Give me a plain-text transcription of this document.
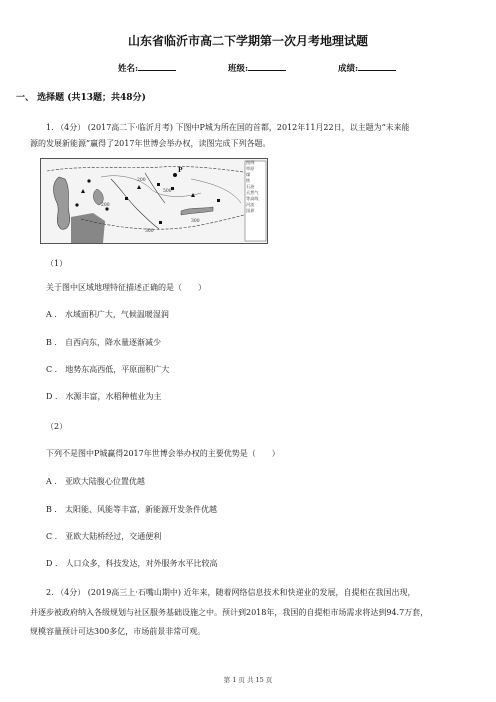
山东省临沂市高二下学期第一次月考地理试题
姓名:	班级:	成绩:
一、 选择题 (共13题；共48分)
1. （4分） (2017高二下·临沂月考) 下图中P城为所在国的首都，2012年11月22日，以主题为“未来能
源的发展新能源”赢得了2017年世博会举办权，读图完成下列各题。
P
200
500
200
300
300
图例
草原
煤
铁
石油
天然气
等高线
河流
国界
（1）
关于图中区域地理特征描述正确的是（　　）
A ． 水域面积广大，气候温暖湿润
B ． 自西向东，降水量逐渐减少
C ． 地势东高西低，平原面积广大
D ． 水源丰富，水稻种植业为主
（2）
下列不是图中P城赢得2017年世博会举办权的主要优势是（　　）
A ． 亚欧大陆腹心位置优越
B ． 太阳能、风能等丰富，新能源开发条件优越
C ． 亚欧大陆桥经过，交通便利
D ． 人口众多，科技发达，对外服务水平比较高
2. （4分） (2019高三上·石嘴山期中) 近年来，随着网络信息技术和快递业的发展，自提柜在我国出现，
并逐步被政府纳入各级规划与社区服务基础设施之中。预计到2018年，我国的自提柜市场需求将达到94.7万套，
规模容量预计可达300多亿，市场前景非常可观。
第 1 页 共 15 页
